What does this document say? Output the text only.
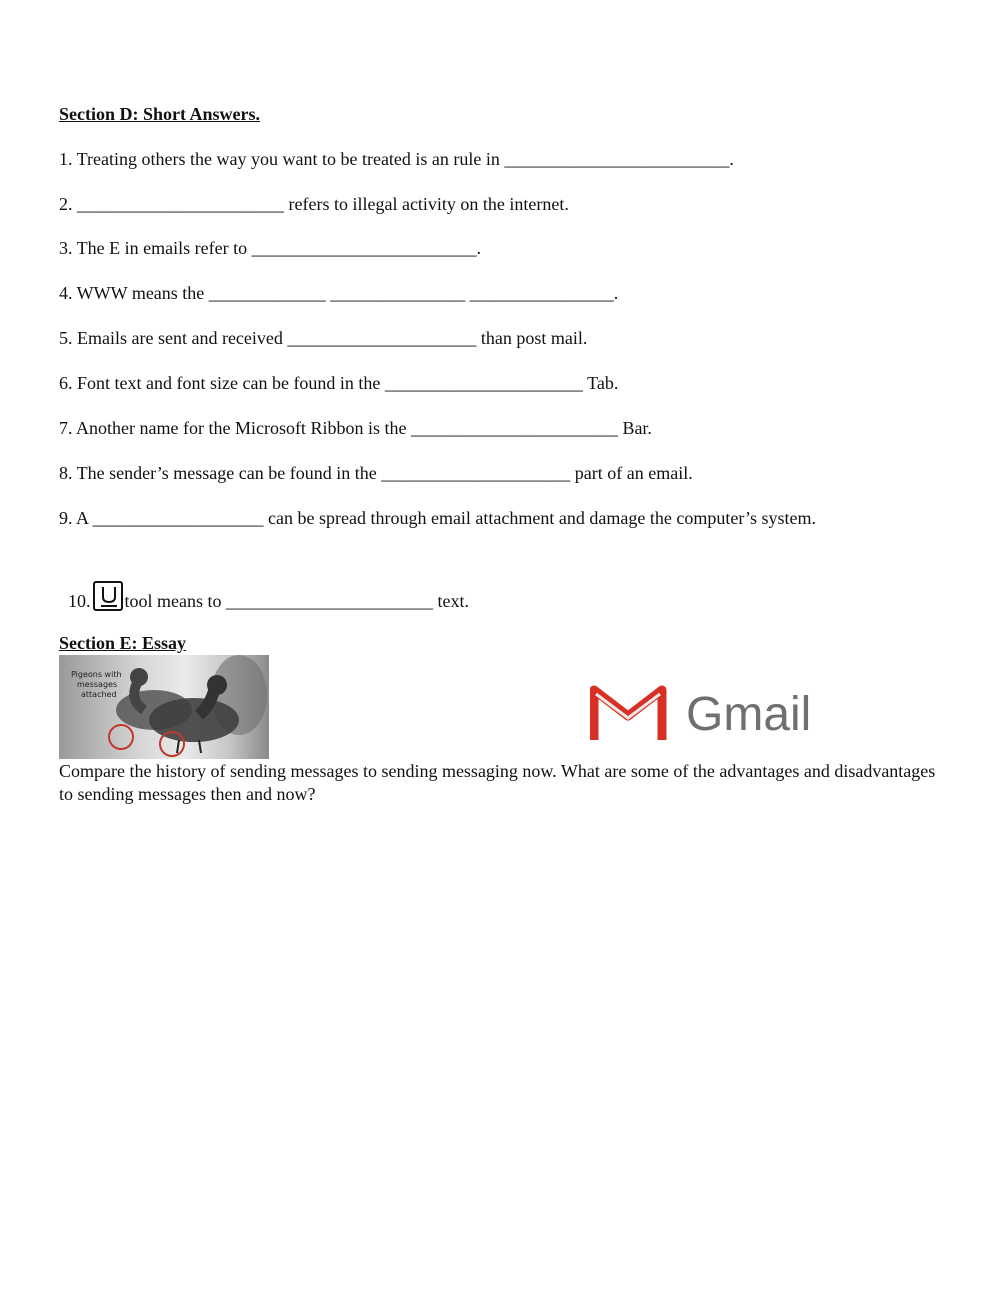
Section D: Short Answers.

1. Treating others the way you want to be treated is an rule in _________________________.

2. _______________________ refers to illegal activity on the internet.

3. The E in emails refer to _________________________.

4. WWW means the _____________ _______________ ________________.

5. Emails are sent and received _____________________ than post mail.

6. Font text and font size can be found in the ______________________ Tab.

7. Another name for the Microsoft Ribbon is the _______________________ Bar.

8. The sender’s message can be found in the _____________________ part of an email.

9. A ___________________ can be spread through email attachment and damage the computer’s system.

10. tool means to _______________________ text.

Section E: Essay
Pigeons with messages attached	Gmail

Compare the history of sending messages to sending messaging now. What are some of the advantages and disadvantages to sending messages then and now?
